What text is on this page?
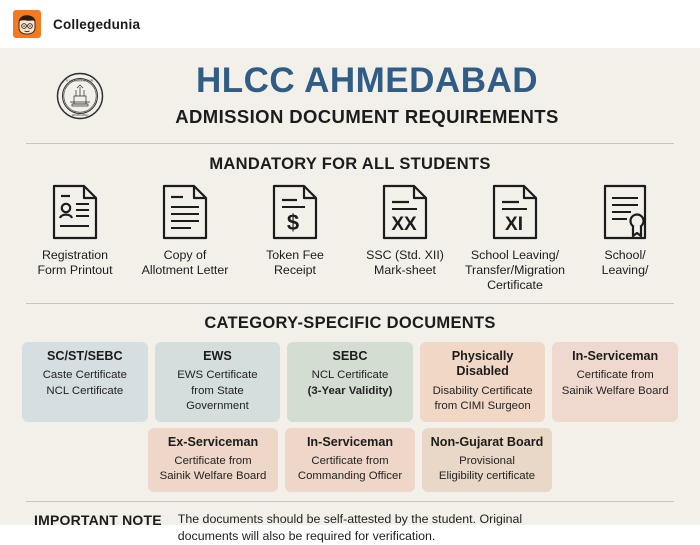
Collegedunia
H L COLLEGE OF COM.
AHMEDABAD
HLCC AHMEDABAD
ADMISSION DOCUMENT REQUIREMENTS
MANDATORY FOR ALL STUDENTS
Registration
Form Printout
Copy of
Allotment Letter
$
Token Fee
Receipt
XX
SSC (Std. XII)
Mark-sheet
XI
School Leaving/
Transfer/Migration
Certificate
School/
Leaving/
CATEGORY-SPECIFIC DOCUMENTS
SC/ST/SEBC
Caste Certificate
NCL Certificate
EWS
EWS Certificate
from State Government
SEBC
NCL Certificate
(3-Year Validity)
Physically Disabled
Disability Certificate
from CIMI Surgeon
In-Serviceman
Certificate from
Sainik Welfare Board
Ex-Serviceman
Certificate from
Sainik Welfare Board
In-Serviceman
Certificate from
Commanding Officer
Non-Gujarat Board
Provisional
Eligibility certificate
IMPORTANT NOTE The documents should be self-attested by the student. Original documents will also be required for verification.
